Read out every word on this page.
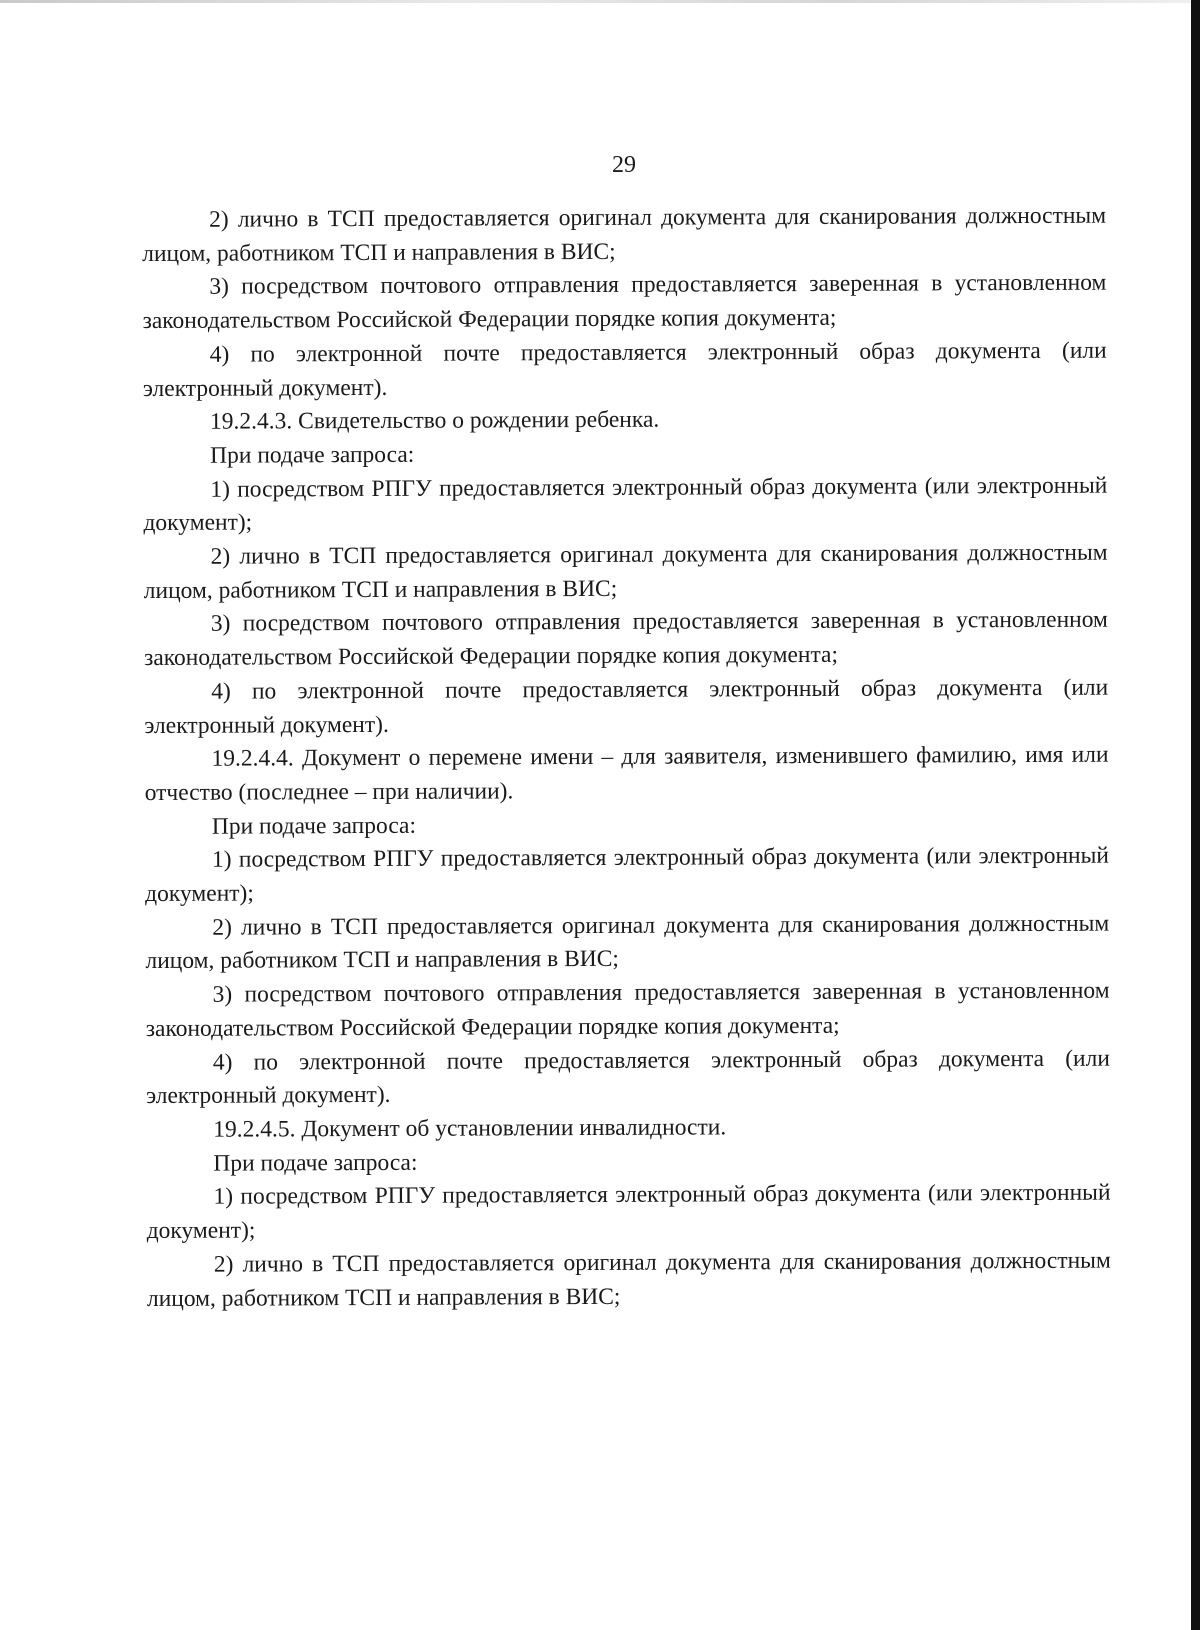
29

2) лично в ТСП предоставляется оригинал документа для сканирования должностным лицом, работником ТСП и направления в ВИС;

3) посредством почтового отправления предоставляется заверенная в установленном законодательством Российской Федерации порядке копия документа;

4) по электронной почте предоставляется электронный образ документа (или электронный документ).

19.2.4.3. Свидетельство о рождении ребенка.

При подаче запроса:

1) посредством РПГУ предоставляется электронный образ документа (или электронный документ);

2) лично в ТСП предоставляется оригинал документа для сканирования должностным лицом, работником ТСП и направления в ВИС;

3) посредством почтового отправления предоставляется заверенная в установленном законодательством Российской Федерации порядке копия документа;

4) по электронной почте предоставляется электронный образ документа (или электронный документ).

19.2.4.4. Документ о перемене имени – для заявителя, изменившего фамилию, имя или отчество (последнее – при наличии).

При подаче запроса:

1) посредством РПГУ предоставляется электронный образ документа (или электронный документ);

2) лично в ТСП предоставляется оригинал документа для сканирования должностным лицом, работником ТСП и направления в ВИС;

3) посредством почтового отправления предоставляется заверенная в установленном законодательством Российской Федерации порядке копия документа;

4) по электронной почте предоставляется электронный образ документа (или электронный документ).

19.2.4.5. Документ об установлении инвалидности.

При подаче запроса:

1) посредством РПГУ предоставляется электронный образ документа (или электронный документ);

2) лично в ТСП предоставляется оригинал документа для сканирования должностным лицом, работником ТСП и направления в ВИС;
